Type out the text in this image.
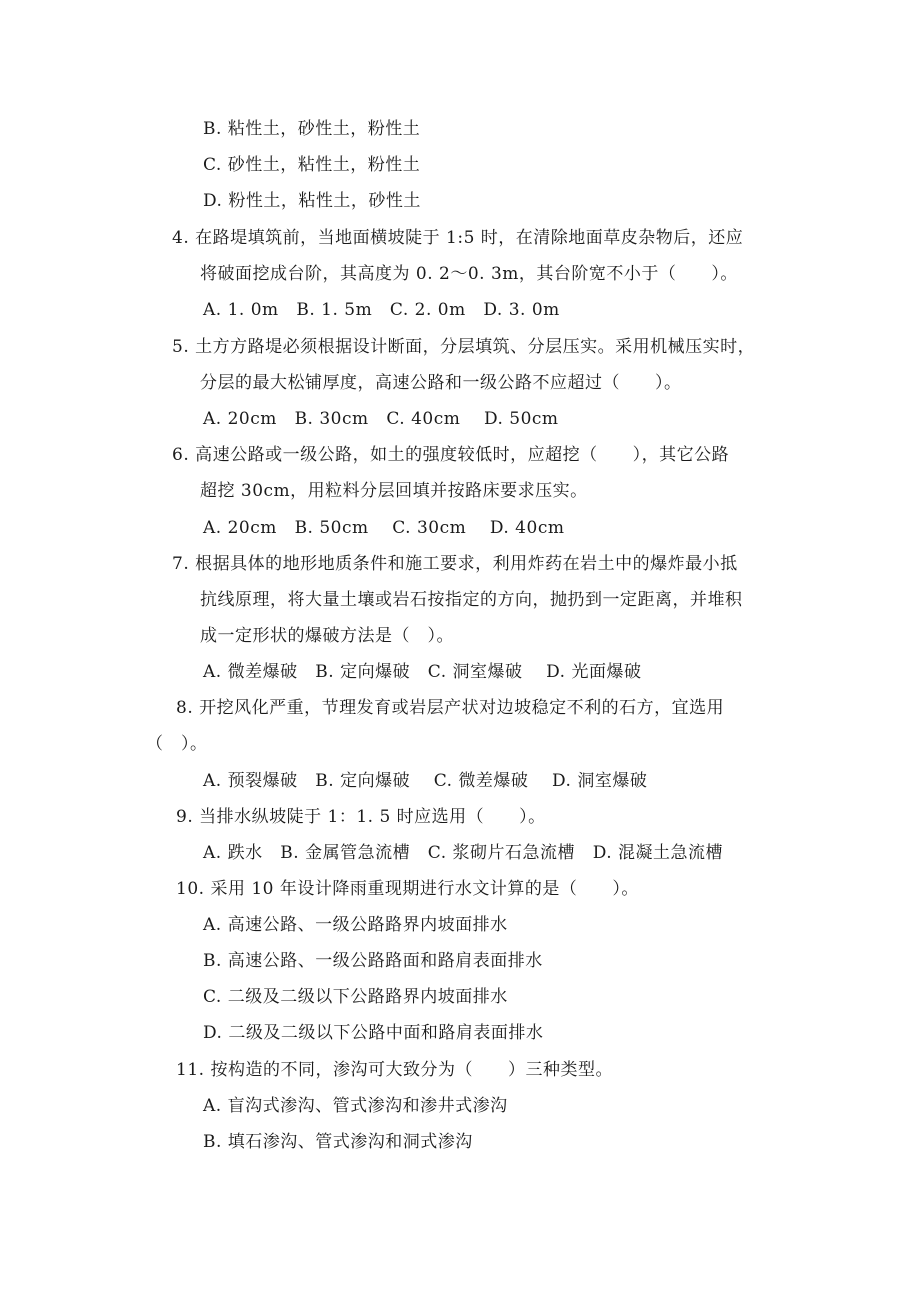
B. 粘性土，砂性土，粉性土
C. 砂性土，粘性土，粉性土
D. 粉性土，粘性土，砂性土
4. 在路堤填筑前，当地面横坡陡于 1:5 时，在清除地面草皮杂物后，还应
将破面挖成台阶，其高度为 0. 2～0. 3m，其台阶宽不小于（　　）。
A. 1. 0m   B. 1. 5m   C. 2. 0m   D. 3. 0m
5. 土方方路堤必须根据设计断面，分层填筑、分层压实。采用机械压实时，
分层的最大松铺厚度，高速公路和一级公路不应超过（　　）。
A. 20cm   B. 30cm   C. 40cm    D. 50cm
6. 高速公路或一级公路，如土的强度较低时，应超挖（　　），其它公路
超挖 30cm，用粒料分层回填并按路床要求压实。
A. 20cm   B. 50cm    C. 30cm    D. 40cm
7. 根据具体的地形地质条件和施工要求，利用炸药在岩土中的爆炸最小抵
抗线原理，将大量土壤或岩石按指定的方向，抛扔到一定距离，并堆积
成一定形状的爆破方法是（　）。
A. 微差爆破   B. 定向爆破   C. 洞室爆破    D. 光面爆破
8. 开挖风化严重，节理发育或岩层产状对边坡稳定不利的石方，宜选用
（　）。
A. 预裂爆破   B. 定向爆破    C. 微差爆破    D. 洞室爆破
9. 当排水纵坡陡于 1：1. 5 时应选用（　　）。
A. 跌水   B. 金属管急流槽   C. 浆砌片石急流槽   D. 混凝土急流槽
10. 采用 10 年设计降雨重现期进行水文计算的是（　　）。
A. 高速公路、一级公路路界内坡面排水
B. 高速公路、一级公路路面和路肩表面排水
C. 二级及二级以下公路路界内坡面排水
D. 二级及二级以下公路中面和路肩表面排水
11. 按构造的不同，渗沟可大致分为（　　）三种类型。
A. 盲沟式渗沟、管式渗沟和渗井式渗沟
B. 填石渗沟、管式渗沟和洞式渗沟
